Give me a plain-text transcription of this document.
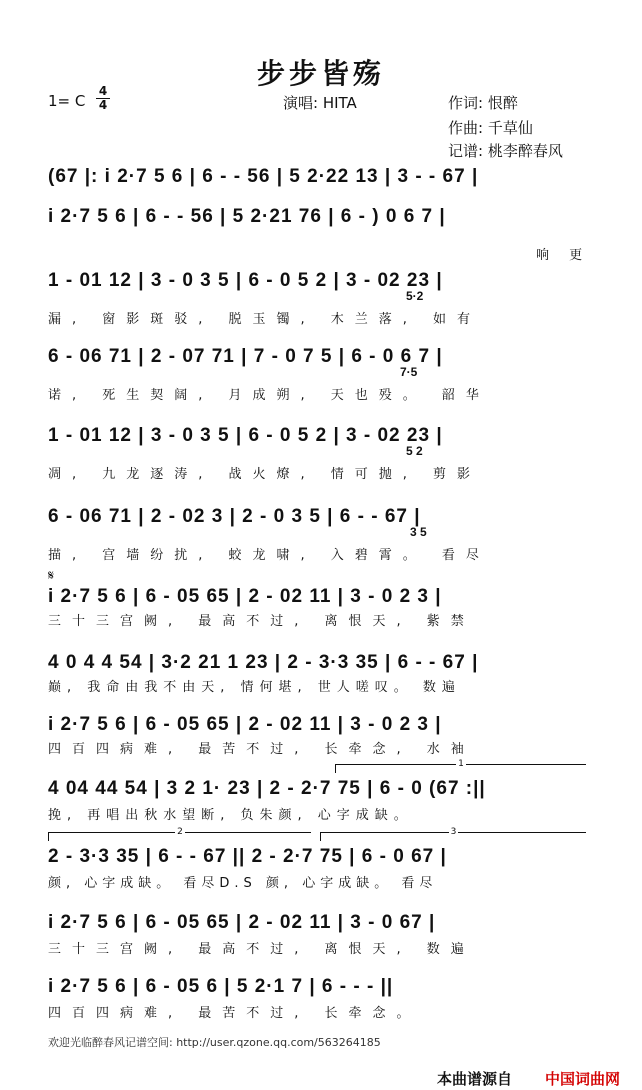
步步皆殇
1= C
4
4	演唱: HITA	作词: 恨醉
作曲: 千草仙
记谱: 桃李醉春风
𝄋
(67 |: i 2·7 5 6 | 6 - - 56 | 5 2·22 13 | 3 - - 67 |
i 2·7 5 6 | 6 - - 56 | 5 2·21 76 | 6 - ) 0 6 7 |
响 更
1 - 01 12 | 3 - 0 3 5 | 6 - 0 5 2 | 3 - 02 23 |
5·2
漏, 窗影斑驳, 脱玉镯, 木兰落, 如有
6 - 06 71 | 2 - 07 71 | 7 - 0 7 5 | 6 - 0 6 7 |
7·5
诺, 死生契阔, 月成朔, 天也殁。 韶华
1 - 01 12 | 3 - 0 3 5 | 6 - 0 5 2 | 3 - 02 23 |
5 2
凋, 九龙逐涛, 战火燎, 情可抛, 剪影
6 - 06 71 | 2 - 02 3 | 2 - 0 3 5 | 6 - - 67 |
3 5
描, 宫墙纷扰, 蛟龙啸, 入碧霄。 看尽
i 2·7 5 6 | 6 - 05 65 | 2 - 02 11 | 3 - 0 2 3 |
三十三宫阙, 最高不过, 离恨天, 紫禁
4 0 4 4 54 | 3·2 21 1 23 | 2 - 3·3 35 | 6 - - 67 |
巅, 我命由我不由天, 情何堪, 世人嗟叹。 数遍
i 2·7 5 6 | 6 - 05 65 | 2 - 02 11 | 3 - 0 2 3 |
四百四病难, 最苦不过, 长牵念, 水袖
1
4 04 44 54 | 3 2 1· 23 | 2 - 2·7 75 | 6 - 0 (67 :||
挽, 再唱出秋水望断, 负朱颜, 心字成缺。
2	3
2 - 3·3 35 | 6 - - 67 || 2 - 2·7 75 | 6 - 0 67 |
颜, 心字成缺。 看尽D.S 颜, 心字成缺。 看尽
i 2·7 5 6 | 6 - 05 65 | 2 - 02 11 | 3 - 0 67 |
三十三宫阙, 最高不过, 离恨天, 数遍
i 2·7 5 6 | 6 - 05 6 | 5 2·1 7 | 6 - - - ||
四百四病难, 最苦不过, 长牵念。
欢迎光临醉春风记谱空间: http://user.qzone.qq.com/563264185
本曲谱源自 中国词曲网
